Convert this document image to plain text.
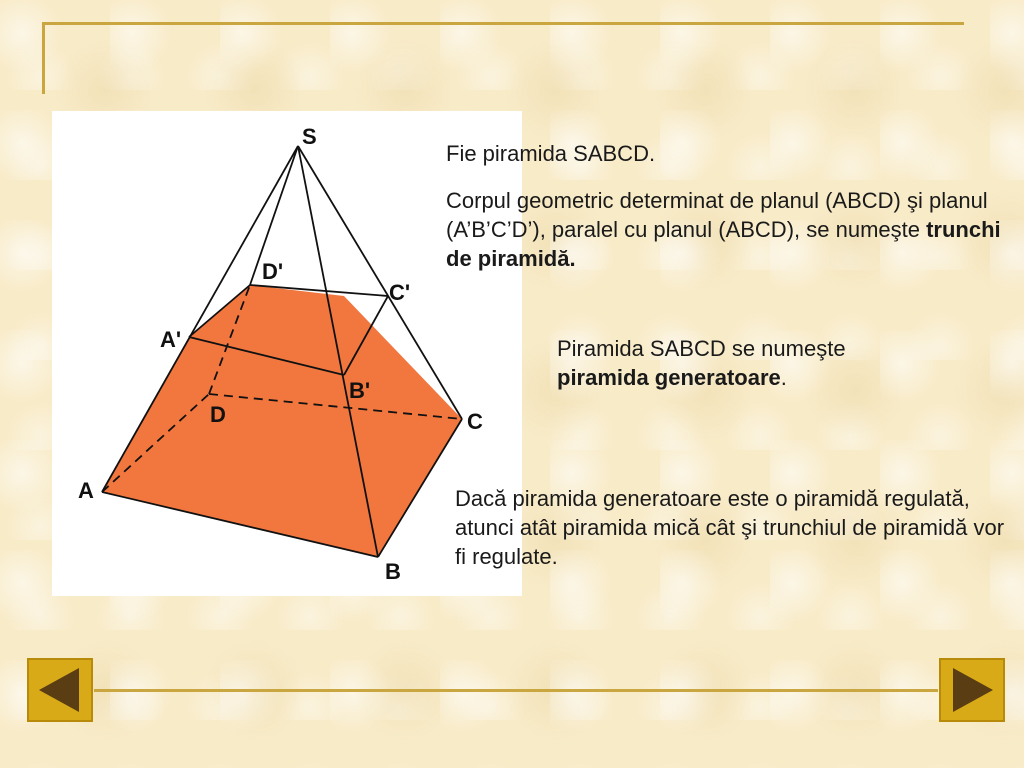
S
D'
C'
A'
B'
D	C
A
B
Fie piramida SABCD.
Corpul geometric determinat de planul (ABCD) şi planul (A’B’C’D’), paralel cu planul (ABCD), se numeşte trunchi de piramidă.
Piramida SABCD se numeşte
piramida generatoare.
Dacă piramida generatoare este o piramidă regulată, atunci atât piramida mică cât şi trunchiul de piramidă vor fi regulate.
